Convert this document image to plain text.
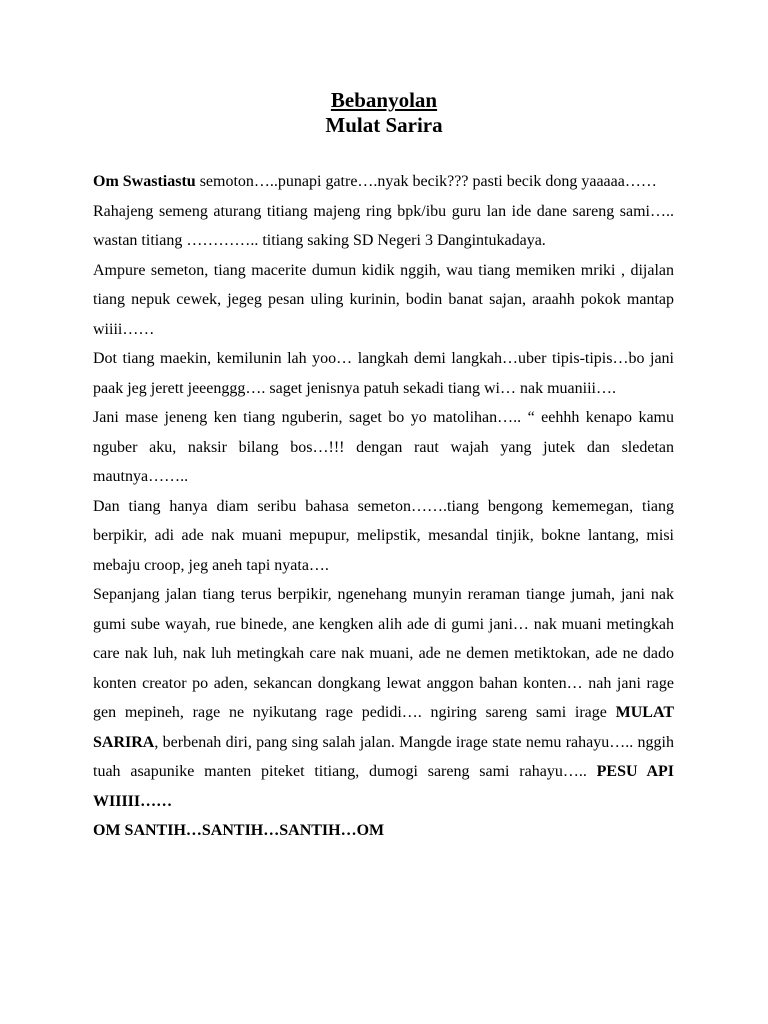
Bebanyolan
Mulat Sarira

Om Swastiastu semoton…..punapi gatre….nyak becik??? pasti becik dong yaaaaa……

Rahajeng semeng aturang titiang majeng ring bpk/ibu guru lan ide dane sareng sami….. wastan titiang ………….. titiang saking SD Negeri 3 Dangintukadaya.

Ampure semeton, tiang macerite dumun kidik nggih, wau tiang memiken mriki , dijalan tiang nepuk cewek, jegeg pesan uling kurinin, bodin banat sajan, araahh pokok mantap wiiii……

Dot tiang maekin, kemilunin lah yoo… langkah demi langkah…uber tipis-tipis…bo jani paak jeg jerett jeeenggg…. saget jenisnya patuh sekadi tiang wi… nak muaniii….

Jani mase jeneng ken tiang nguberin, saget bo yo matolihan….. “ eehhh kenapo kamu nguber aku, naksir bilang bos…!!! dengan raut wajah yang jutek dan sledetan mautnya……..

Dan tiang hanya diam seribu bahasa semeton…….tiang bengong kememegan, tiang berpikir, adi ade nak muani mepupur, melipstik, mesandal tinjik, bokne lantang, misi mebaju croop, jeg aneh tapi nyata….

Sepanjang jalan tiang terus berpikir, ngenehang munyin reraman tiange jumah, jani nak gumi sube wayah, rue binede, ane kengken alih ade di gumi jani… nak muani metingkah care nak luh, nak luh metingkah care nak muani, ade ne demen metiktokan, ade ne dado konten creator po aden, sekancan dongkang lewat anggon bahan konten… nah jani rage gen mepineh, rage ne nyikutang rage pedidi…. ngiring sareng sami irage MULAT SARIRA, berbenah diri, pang sing salah jalan. Mangde irage state nemu rahayu….. nggih tuah asapunike manten piteket titiang, dumogi sareng sami rahayu….. PESU API WIIIII……

OM SANTIH…SANTIH…SANTIH…OM
